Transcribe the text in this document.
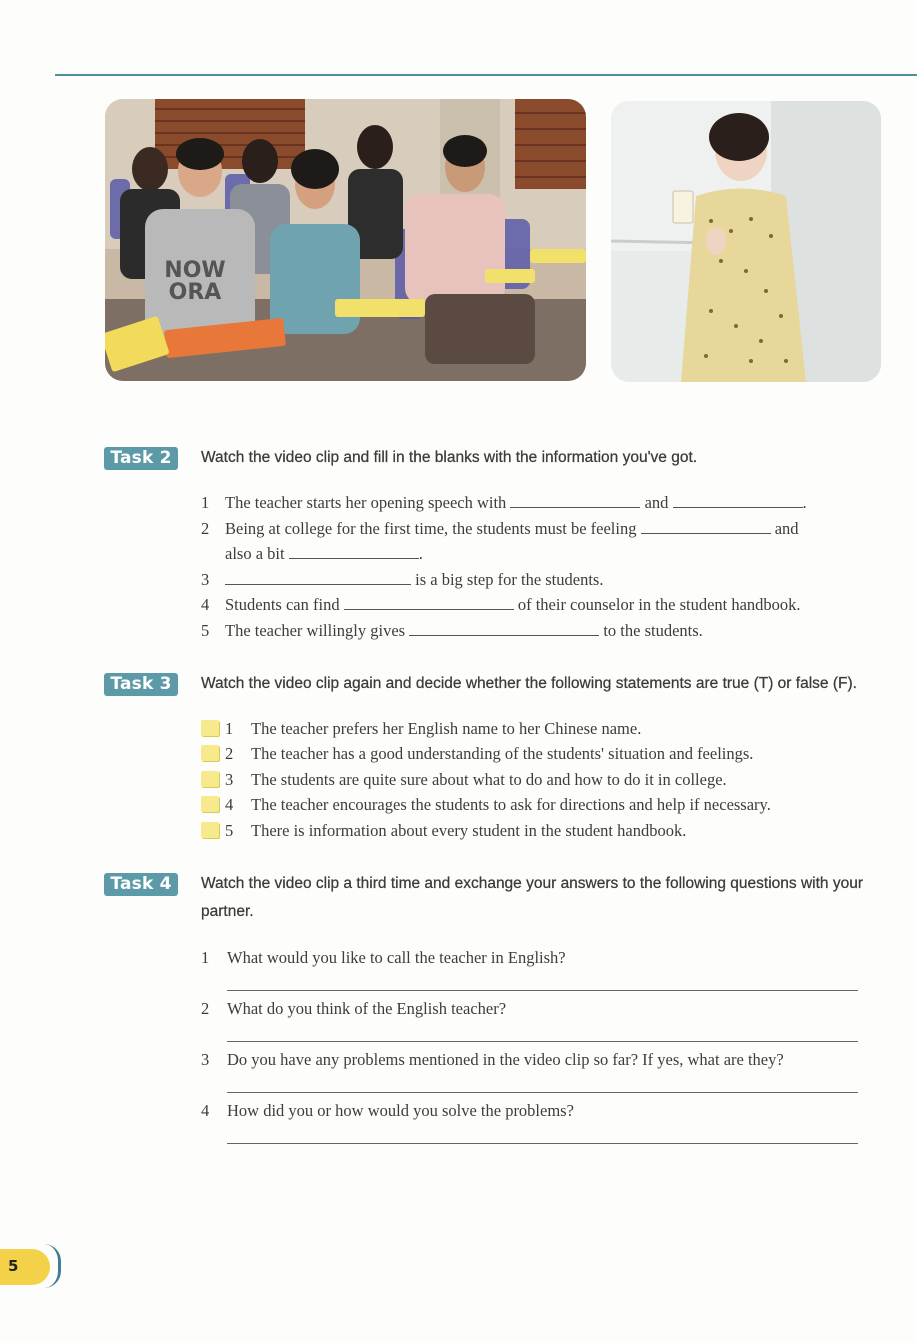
NOW
ORA
Task 2	Watch the video clip and fill in the blanks with the information you've got.
1 The teacher starts her opening speech with	and	.
2 Being at college for the first time, the students must be feeling	and
also a bit	.
3	is a big step for the students.
4 Students can find	of their counselor in the student handbook.
5 The teacher willingly gives	to the students.
Task 3	Watch the video clip again and decide whether the following statements are true (T) or false (F).
1 The teacher prefers her English name to her Chinese name.
2 The teacher has a good understanding of the students' situation and feelings.
3 The students are quite sure about what to do and how to do it in college.
4 The teacher encourages the students to ask for directions and help if necessary.
5 There is information about every student in the student handbook.
Task 4	Watch the video clip a third time and exchange your answers to the following questions with your partner.
1 What would you like to call the teacher in English?
2 What do you think of the English teacher?
3 Do you have any problems mentioned in the video clip so far? If yes, what are they?
4 How did you or how would you solve the problems?
5
